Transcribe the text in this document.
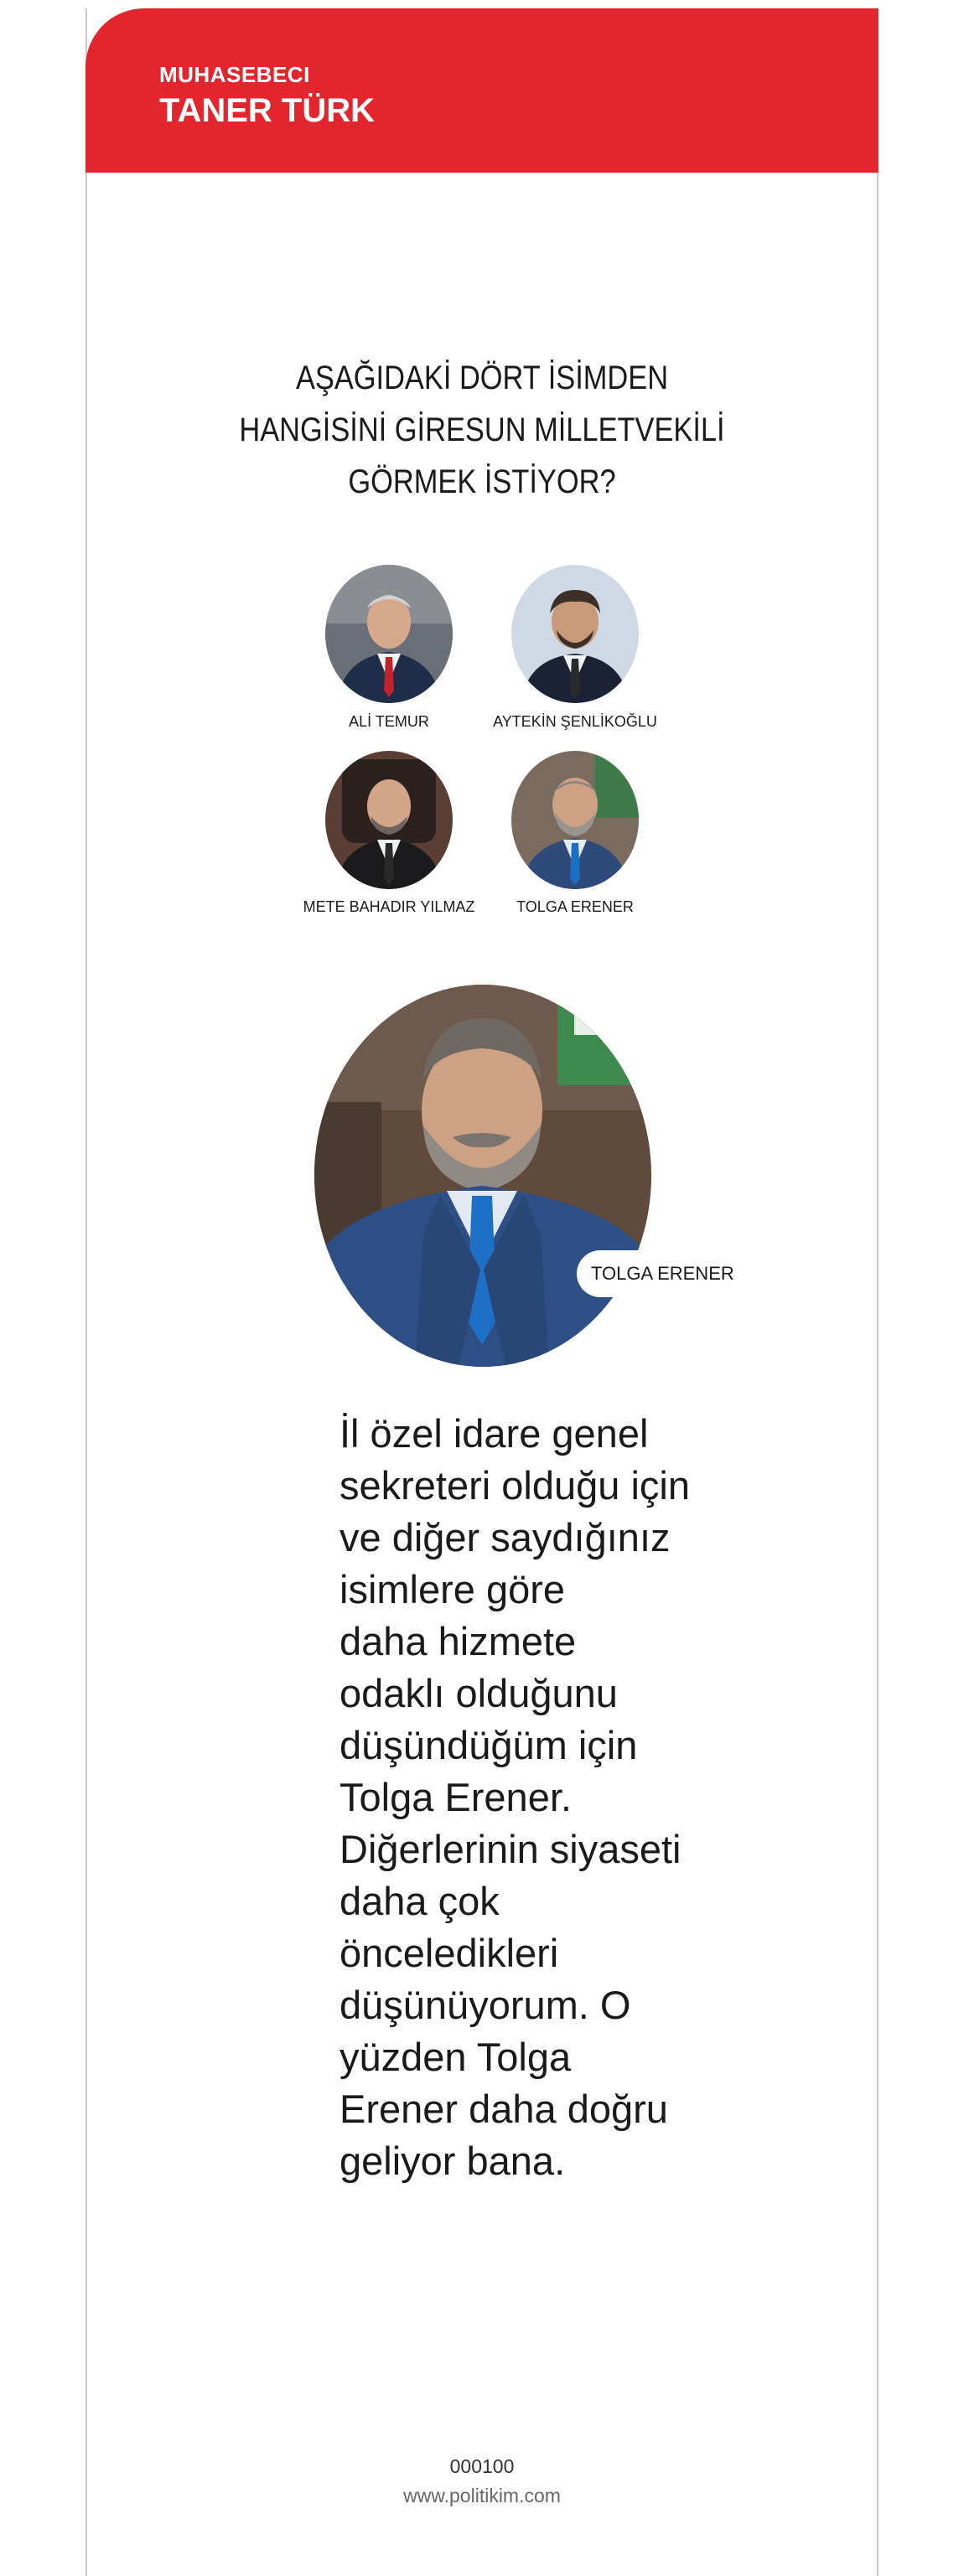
MUHASEBECI
TANER TÜRK
AŞAĞIDAKİ DÖRT İSİMDEN
HANGİSİNİ GİRESUN MİLLETVEKİLİ
GÖRMEK İSTİYOR?
ALİ TEMUR	AYTEKİN ŞENLİKOĞLU
METE BAHADIR YILMAZ	TOLGA ERENER
TOLGA ERENER
İl özel idare genel
sekreteri olduğu için
ve diğer saydığınız
isimlere göre
daha hizmete
odaklı olduğunu
düşündüğüm için
Tolga Erener.
Diğerlerinin siyaseti
daha çok
önceledikleri
düşünüyorum. O
yüzden Tolga
Erener daha doğru
geliyor bana.
000100
www.politikim.com
